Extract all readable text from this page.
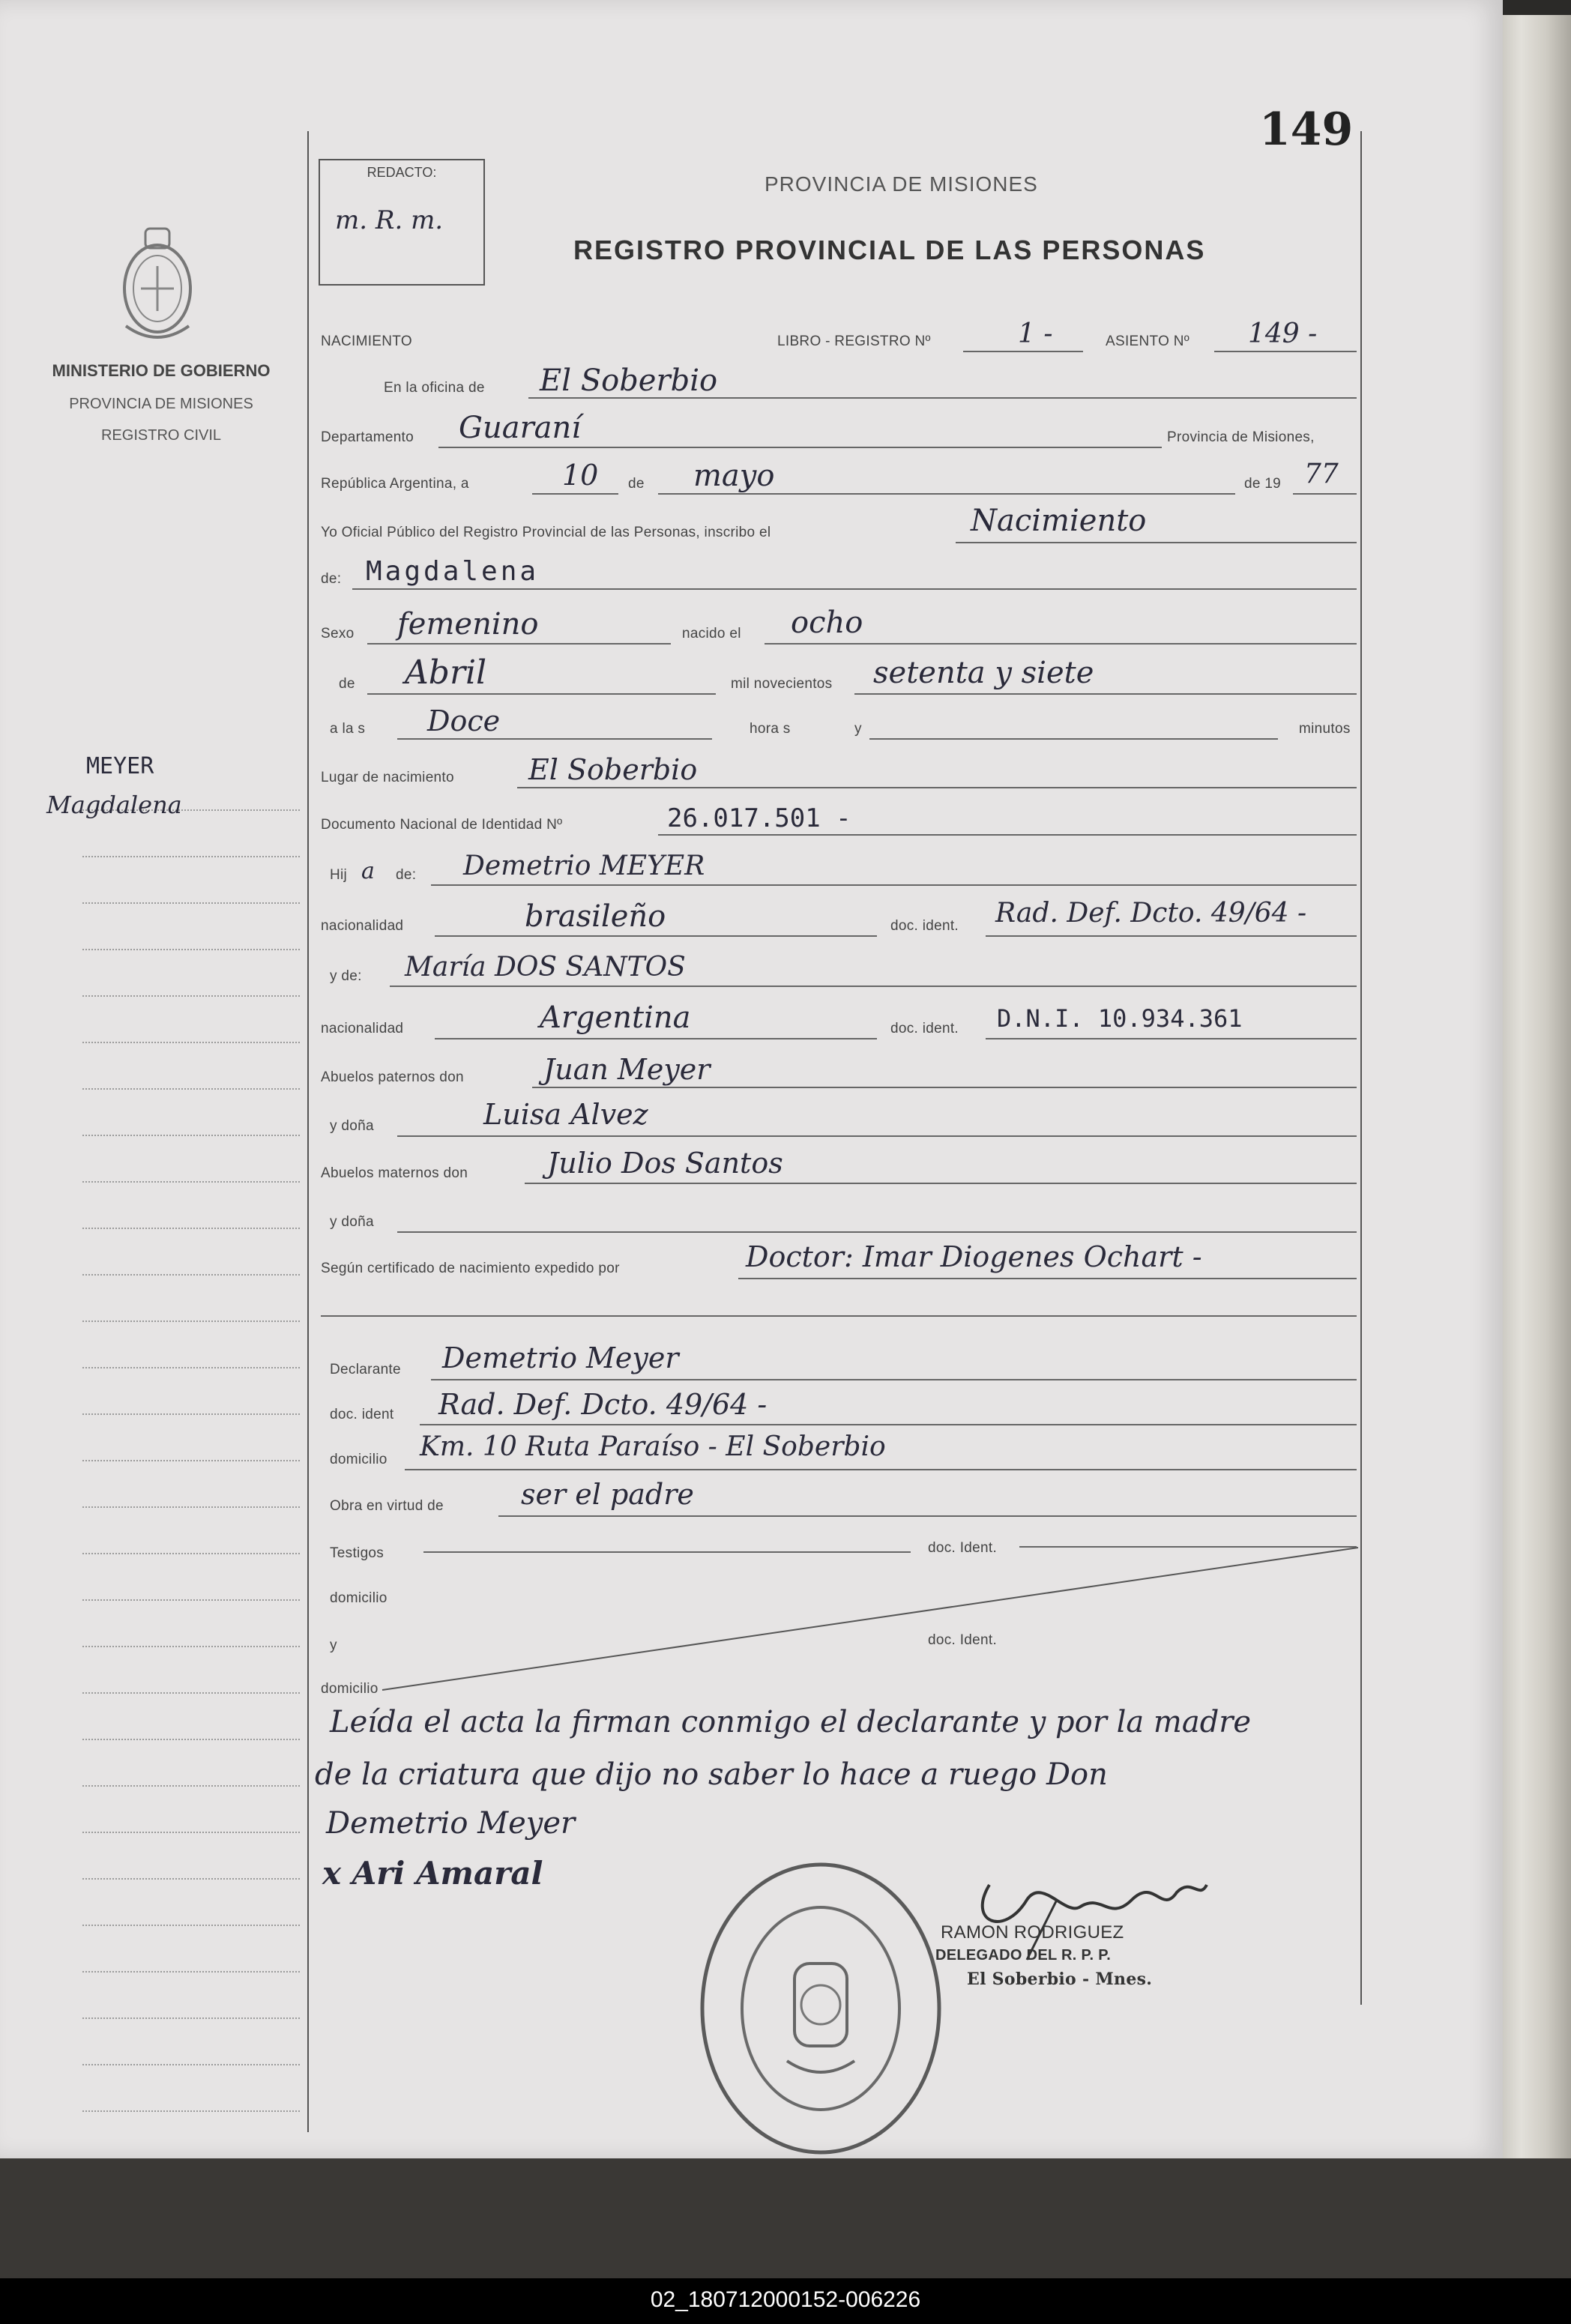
149
MINISTERIO DE GOBIERNO
PROVINCIA DE MISIONES
REGISTRO CIVIL
MEYER
Magdalena
REDACTO:
m. R. m.
PROVINCIA DE MISIONES
REGISTRO PROVINCIAL DE LAS PERSONAS
NACIMIENTO	LIBRO - REGISTRO Nº	1 -	ASIENTO Nº 149 -
En la oficina de El Soberbio
Departamento Guaraní	Provincia de Misiones,
República Argentina, a	10 de mayo	de 19 77
Yo Oficial Público del Registro Provincial de las Personas, inscribo el	Nacimiento
de: Magdalena
Sexo femenino	nacido el ocho
de Abril	mil novecientos setenta y siete
a la s Doce	hora s	y	minutos
Lugar de nacimiento	El Soberbio
Documento Nacional de Identidad Nº	26.017.501 -
Hij a de: Demetrio MEYER
nacionalidad	brasileño	doc. ident. Rad. Def. Dcto. 49/64 -
y de: María DOS SANTOS
nacionalidad	Argentina	doc. ident. D.N.I. 10.934.361
Abuelos paternos don	Juan Meyer
y doña	Luisa Alvez
Abuelos maternos don	Julio Dos Santos
y doña
Según certificado de nacimiento expedido por	Doctor: Imar Diogenes Ochart -
Declarante Demetrio Meyer
doc. ident Rad. Def. Dcto. 49/64 -
domicilio Km. 10 Ruta Paraíso - El Soberbio
Obra en virtud de	ser el padre
Testigos	doc. Ident.
domicilio
y	doc. Ident.
domicilio
Leída el acta la firman conmigo el declarante y por la madre
de la criatura que dijo no saber lo hace a ruego Don
Demetrio Meyer
x Ari Amaral
RAMON RODRIGUEZ
DELEGADO DEL R. P. P.
El Soberbio - Mnes.
02_180712000152-006226
